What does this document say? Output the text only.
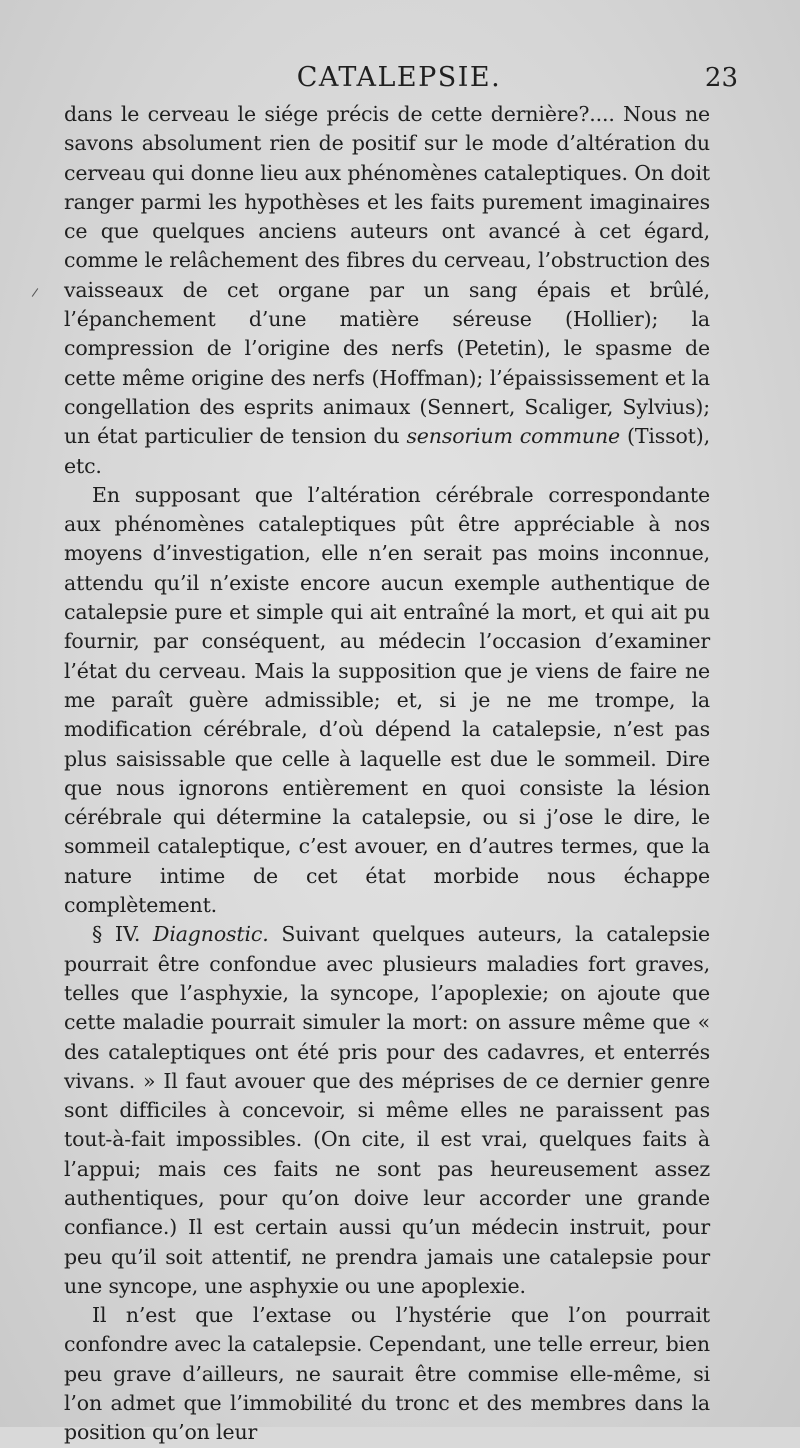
CATALEPSIE.	23

dans le cerveau le siége précis de cette dernière?.... Nous ne savons absolument rien de positif sur le mode d’altération du cerveau qui donne lieu aux phénomènes cataleptiques. On doit ranger parmi les hypothèses et les faits purement imaginaires ce que quelques anciens auteurs ont avancé à cet égard, comme le relâchement des fibres du cerveau, l’obstruction des vaisseaux de cet organe par un sang épais et brûlé, l’épanchement d’une matière séreuse (Hollier); la compression de l’origine des nerfs (Petetin), le spasme de cette même origine des nerfs (Hoffman); l’épaississement et la congellation des esprits animaux (Sennert, Scaliger, Sylvius); un état particulier de tension du sensorium commune (Tissot), etc.

En supposant que l’altération cérébrale correspondante aux phénomènes cataleptiques pût être appréciable à nos moyens d’investigation, elle n’en serait pas moins inconnue, attendu qu’il n’existe encore aucun exemple authentique de catalepsie pure et simple qui ait entraîné la mort, et qui ait pu fournir, par conséquent, au médecin l’occasion d’examiner l’état du cerveau. Mais la supposition que je viens de faire ne me paraît guère admissible; et, si je ne me trompe, la modification cérébrale, d’où dépend la catalepsie, n’est pas plus saisissable que celle à laquelle est due le sommeil. Dire que nous ignorons entièrement en quoi consiste la lésion cérébrale qui détermine la catalepsie, ou si j’ose le dire, le sommeil cataleptique, c’est avouer, en d’autres termes, que la nature intime de cet état morbide nous échappe complètement.

§ IV. Diagnostic. Suivant quelques auteurs, la catalepsie pourrait être confondue avec plusieurs maladies fort graves, telles que l’asphyxie, la syncope, l’apoplexie; on ajoute que cette maladie pourrait simuler la mort: on assure même que « des cataleptiques ont été pris pour des cadavres, et enterrés vivans. » Il faut avouer que des méprises de ce dernier genre sont difficiles à concevoir, si même elles ne paraissent pas tout-à-fait impossibles. (On cite, il est vrai, quelques faits à l’appui; mais ces faits ne sont pas heureusement assez authentiques, pour qu’on doive leur accorder une grande confiance.) Il est certain aussi qu’un médecin instruit, pour peu qu’il soit attentif, ne prendra jamais une catalepsie pour une syncope, une asphyxie ou une apoplexie.

Il n’est que l’extase ou l’hystérie que l’on pourrait confondre avec la catalepsie. Cependant, une telle erreur, bien peu grave d’ailleurs, ne saurait être commise elle-même, si l’on admet que l’immobilité du tronc et des membres dans la position qu’on leur
